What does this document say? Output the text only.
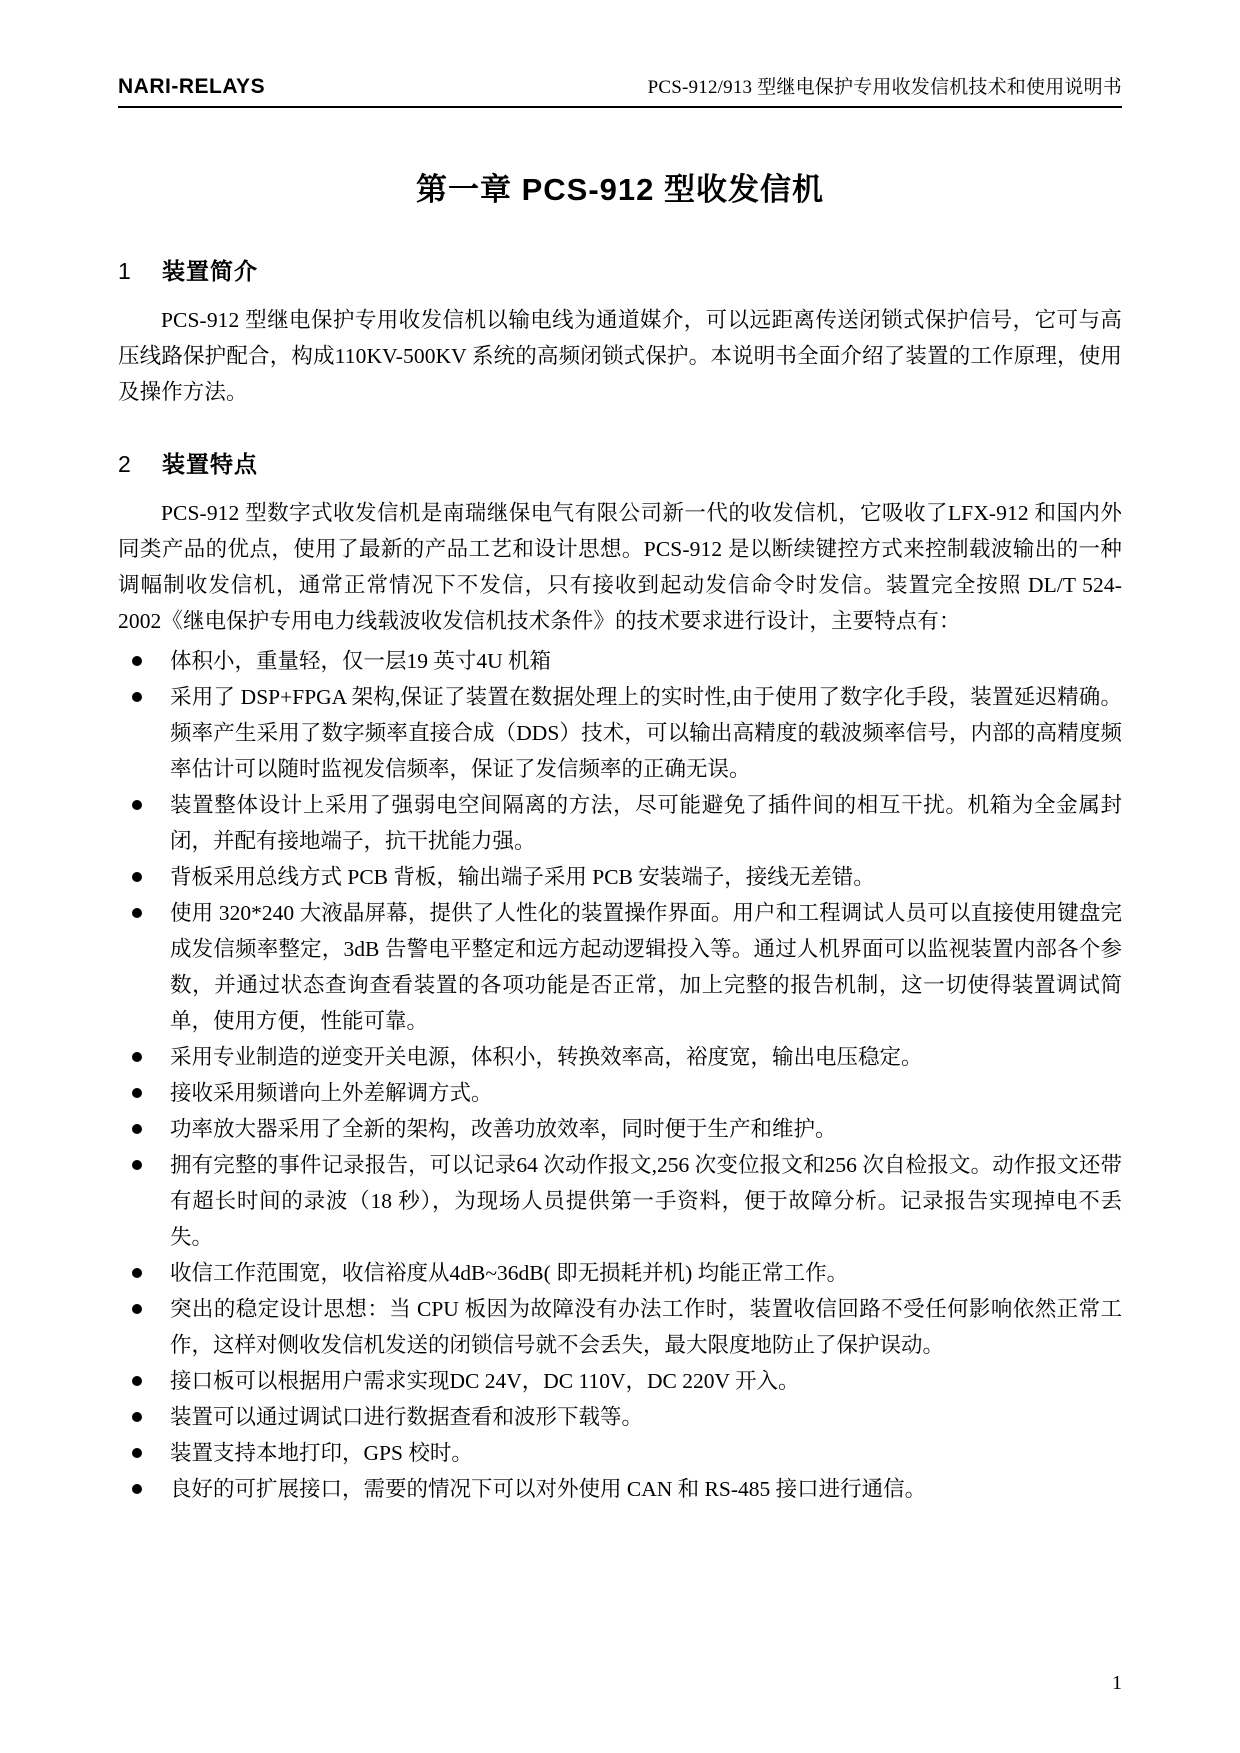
NARI-RELAYS	PCS-912/913 型继电保护专用收发信机技术和使用说明书
第一章 PCS-912 型收发信机
1	装置简介

PCS-912 型继电保护专用收发信机以输电线为通道媒介，可以远距离传送闭锁式保护信号，它可与高压线路保护配合，构成110KV-500KV 系统的高频闭锁式保护。本说明书全面介绍了装置的工作原理，使用及操作方法。

2	装置特点

PCS-912 型数字式收发信机是南瑞继保电气有限公司新一代的收发信机，它吸收了LFX-912 和国内外同类产品的优点，使用了最新的产品工艺和设计思想。PCS-912 是以断续键控方式来控制载波输出的一种调幅制收发信机，通常正常情况下不发信，只有接收到起动发信命令时发信。装置完全按照 DL/T 524-2002《继电保护专用电力线载波收发信机技术条件》的技术要求进行设计，主要特点有：

体积小，重量轻，仅一层19 英寸4U 机箱
采用了 DSP+FPGA 架构,保证了装置在数据处理上的实时性,由于使用了数字化手段，装置延迟精确。频率产生采用了数字频率直接合成（DDS）技术，可以输出高精度的载波频率信号，内部的高精度频率估计可以随时监视发信频率，保证了发信频率的正确无误。
装置整体设计上采用了强弱电空间隔离的方法，尽可能避免了插件间的相互干扰。机箱为全金属封闭，并配有接地端子，抗干扰能力强。
背板采用总线方式 PCB 背板，输出端子采用 PCB 安装端子，接线无差错。
使用 320*240 大液晶屏幕，提供了人性化的装置操作界面。用户和工程调试人员可以直接使用键盘完成发信频率整定，3dB 告警电平整定和远方起动逻辑投入等。通过人机界面可以监视装置内部各个参数，并通过状态查询查看装置的各项功能是否正常，加上完整的报告机制，这一切使得装置调试简单，使用方便，性能可靠。
采用专业制造的逆变开关电源，体积小，转换效率高，裕度宽，输出电压稳定。
接收采用频谱向上外差解调方式。
功率放大器采用了全新的架构，改善功放效率，同时便于生产和维护。
拥有完整的事件记录报告，可以记录64 次动作报文,256 次变位报文和256 次自检报文。动作报文还带有超长时间的录波（18 秒），为现场人员提供第一手资料，便于故障分析。记录报告实现掉电不丢失。
收信工作范围宽，收信裕度从4dB~36dB( 即无损耗并机) 均能正常工作。
突出的稳定设计思想：当 CPU 板因为故障没有办法工作时，装置收信回路不受任何影响依然正常工作，这样对侧收发信机发送的闭锁信号就不会丢失，最大限度地防止了保护误动。
接口板可以根据用户需求实现DC 24V，DC 110V，DC 220V 开入。
装置可以通过调试口进行数据查看和波形下载等。
装置支持本地打印，GPS 校时。
良好的可扩展接口，需要的情况下可以对外使用 CAN 和 RS-485 接口进行通信。
1
